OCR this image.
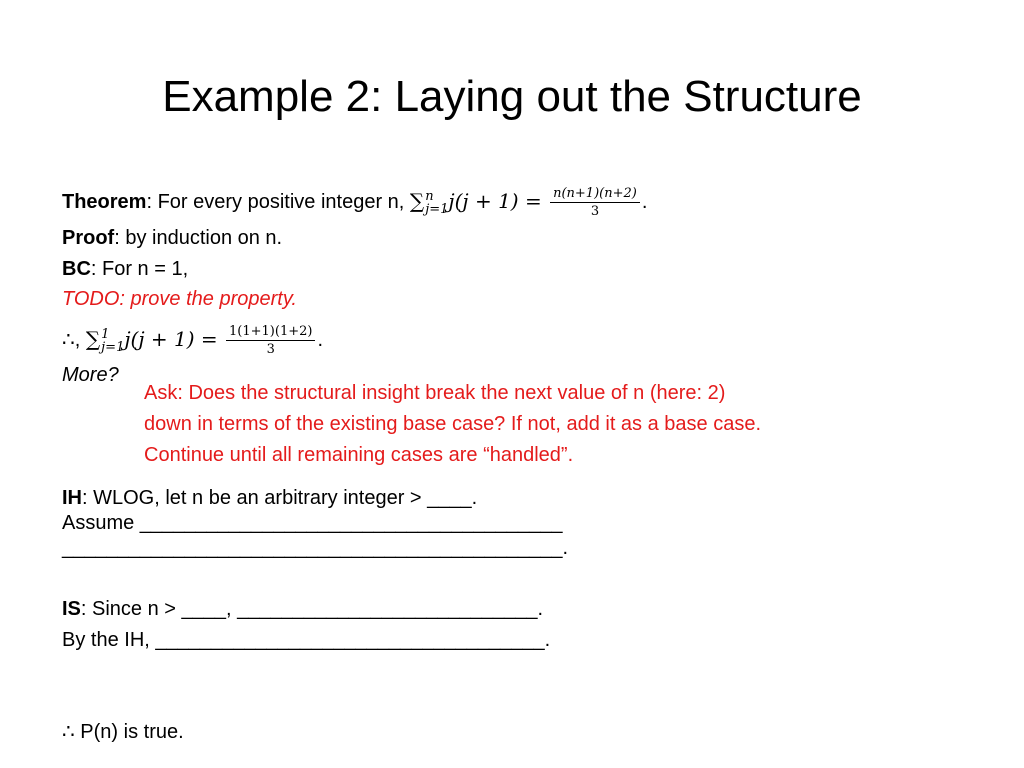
Example 2: Laying out the Structure
Theorem: For every positive integer n, ∑ n
j=1 $j(j + 1) = \frac{n(n+1)(n+2)}{3}$ .
Proof: by induction on n.
BC: For n = 1,
TODO: prove the property.
∴, ∑ 1
j=1 $j(j + 1) = \frac{1(1+1)(1+2)}{3}$ .
More?
Ask: Does the structural insight break the next value of n (here: 2)
down in terms of the existing base case? If not, add it as a base case.
Continue until all remaining cases are “handled”.
IH: WLOG, let n be an arbitrary integer > ____.
Assume ______________________________________
_____________________________________________.
IS: Since n > ____, ___________________________.
By the IH, ___________________________________.
∴ P(n) is true.
